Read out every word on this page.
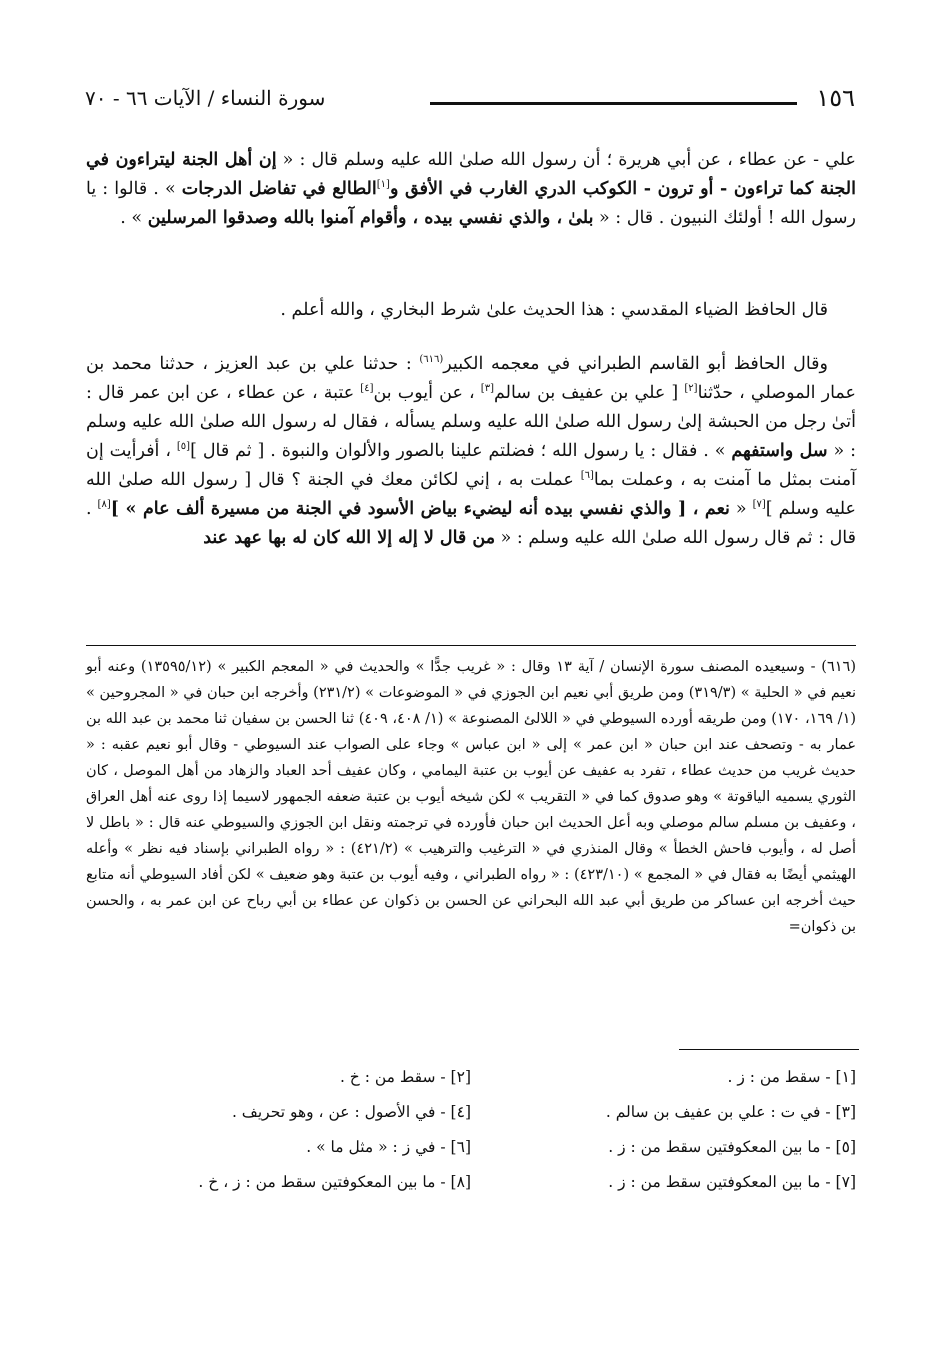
١٥٦
سورة النساء / الآيات ٦٦ - ٧٠

علي - عن عطاء ، عن أبي هريرة ؛ أن رسول الله صلىٰ الله عليه وسلم قال : « إن أهل الجنة ليتراءون في الجنة كما تراءون - أو ترون - الكوكب الدري الغارب في الأفق و[١]الطالع في تفاضل الدرجات » . قالوا : يا رسول الله ! أولئك النبيون . قال : « بلىٰ ، والذي نفسي بيده ، وأقوام آمنوا بالله وصدقوا المرسلين » .

قال الحافظ الضياء المقدسي : هذا الحديث علىٰ شرط البخاري ، والله أعلم .

وقال الحافظ أبو القاسم الطبراني في معجمه الكبير$^{(٦١٦)}$ : حدثنا علي بن عبد العزيز ، حدثنا محمد بن عمار الموصلي ، حدّثنا[٢] [ علي بن عفيف بن سالم[٣] ، عن أيوب بن[٤] عتبة ، عن عطاء ، عن ابن عمر قال : أتىٰ رجل من الحبشة إلىٰ رسول الله صلىٰ الله عليه وسلم يسأله ، فقال له رسول الله صلىٰ الله عليه وسلم : « سل واستفهم » . فقال : يا رسول الله ؛ فضلتم علينا بالصور والألوان والنبوة . [ ثم قال ][٥] ، أفرأيت إن آمنت بمثل ما آمنت به ، وعملت بما[٦] عملت به ، إني لكائن معك في الجنة ؟ قال [ رسول الله صلىٰ الله عليه وسلم ][٧] « نعم ، [ والذي نفسي بيده أنه ليضيء بياض الأسود في الجنة من مسيرة ألف عام » ][٨] . قال : ثم قال رسول الله صلىٰ الله عليه وسلم : « من قال لا إله إلا الله كان له بها عهد عند

(٦١٦) - وسيعيده المصنف سورة الإنسان / آية ١٣ وقال : « غريب جدًّا » والحديث في « المعجم الكبير » (١٣٥٩٥/١٢) وعنه أبو نعيم في « الحلية » (٣١٩/٣) ومن طريق أبي نعيم ابن الجوزي في « الموضوعات » (٢٣١/٢) وأخرجه ابن حبان في « المجروحين » (١/ ١٦٩، ١٧٠) ومن طريقه أورده السيوطي في « اللالئ المصنوعة » (١/ ٤٠٨، ٤٠٩) ثنا الحسن بن سفيان ثنا محمد بن عبد الله بن عمار به - وتصحف عند ابن حبان « ابن عمر » إلى « ابن عباس » وجاء على الصواب عند السيوطي - وقال أبو نعيم عقبه : « حديث غريب من حديث عطاء ، تفرد به عفيف عن أيوب بن عتبة اليمامي ، وكان عفيف أحد العباد والزهاد من أهل الموصل ، كان الثوري يسميه الياقوتة » وهو صدوق كما في « التقريب » لكن شيخه أيوب بن عتبة ضعفه الجمهور لاسيما إذا روى عنه أهل العراق ، وعفيف بن مسلم سالم موصلي وبه أعل الحديث ابن حبان فأورده في ترجمته ونقل ابن الجوزي والسيوطي عنه قال : « باطل لا أصل له ، وأيوب فاحش الخطأ » وقال المنذري في « الترغيب والترهيب » (٤٢١/٢) : « رواه الطبراني بإسناد فيه نظر » وأعله الهيثمي أيضًا به فقال في « المجمع » (٤٢٣/١٠) : « رواه الطبراني ، وفيه أيوب بن عتبة وهو ضعيف » لكن أفاد السيوطي أنه متابع حيث أخرجه ابن عساكر من طريق أبي عبد الله البحراني عن الحسن بن ذكوان عن عطاء بن أبي رباح عن ابن عمر به ، والحسن بن ذكوان=

[١] - سقط من : ز .
[٢] - سقط من : خ .
[٣] - في ت : علي بن عفيف بن سالم .
[٤] - في الأصول : عن ، وهو تحريف .
[٥] - ما بين المعكوفتين سقط من : ز .
[٦] - في ز : « مثل ما » .
[٧] - ما بين المعكوفتين سقط من : ز .
[٨] - ما بين المعكوفتين سقط من : ز ، خ .
